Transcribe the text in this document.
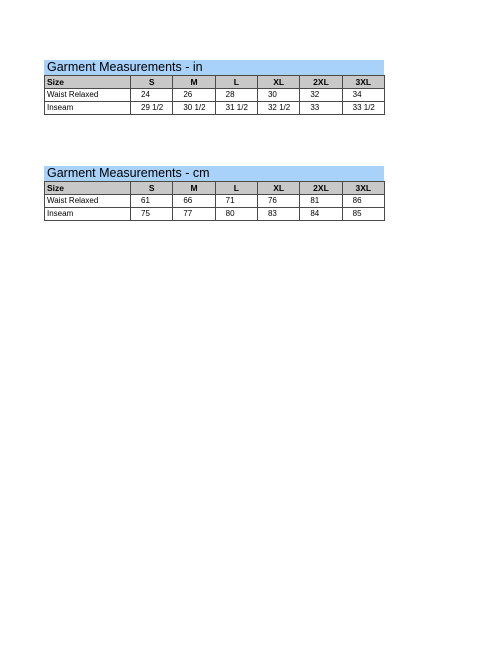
Garment Measurements - in
Size	S	M	L	XL	2XL	3XL
Waist Relaxed	24	26	28	30	32	34
Inseam	29 1/2	30 1/2	31 1/2	32 1/2	33	33 1/2
Garment Measurements - cm
Size	S	M	L	XL	2XL	3XL
Waist Relaxed	61	66	71	76	81	86
Inseam	75	77	80	83	84	85
